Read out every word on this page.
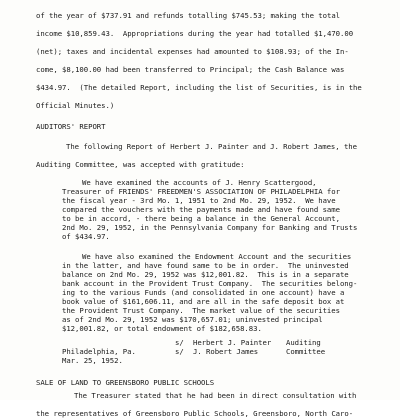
of the year of $737.91 and refunds totalling $745.53; making the total
income $10,859.43.  Appropriations during the year had totalled $1,470.00
(net); taxes and incidental expenses had amounted to $108.93; of the In-
come, $8,100.00 had been transferred to Principal; the Cash Balance was
$434.97.  (The detailed Report, including the list of Securities, is in the
Official Minutes.)
AUDITORS' REPORT
The following Report of Herbert J. Painter and J. Robert James, the
Auditing Committee, was accepted with gratitude:
We have examined the accounts of J. Henry Scattergood,
Treasurer of FRIENDS' FREEDMEN'S ASSOCIATION OF PHILADELPHIA for
the fiscal year - 3rd Mo. 1, 1951 to 2nd Mo. 29, 1952.  We have
compared the vouchers with the payments made and have found same
to be in accord, - there being a balance in the General Account,
2nd Mo. 29, 1952, in the Pennsylvania Company for Banking and Trusts
of $434.97.
We have also examined the Endowment Account and the securities
in the latter, and have found same to be in order.  The uninvested
balance on 2nd Mo. 29, 1952 was $12,001.82.  This is in a separate
bank account in the Provident Trust Company.  The securities belong-
ing to the various Funds (and consolidated in one account) have a
book value of $161,606.11, and are all in the safe deposit box at
the Provident Trust Company.  The market value of the securities
as of 2nd Mo. 29, 1952 was $170,657.01; uninvested principal
$12,001.82, or total endowment of $182,658.83.
s/ Herbert J. Painter Auditing
Philadelphia, Pa.	s/ J. Robert James	Committee
Mar. 25, 1952.
SALE OF LAND TO GREENSBORO PUBLIC SCHOOLS
The Treasurer stated that he had been in direct consultation with
the representatives of Greensboro Public Schools, Greensboro, North Caro-
